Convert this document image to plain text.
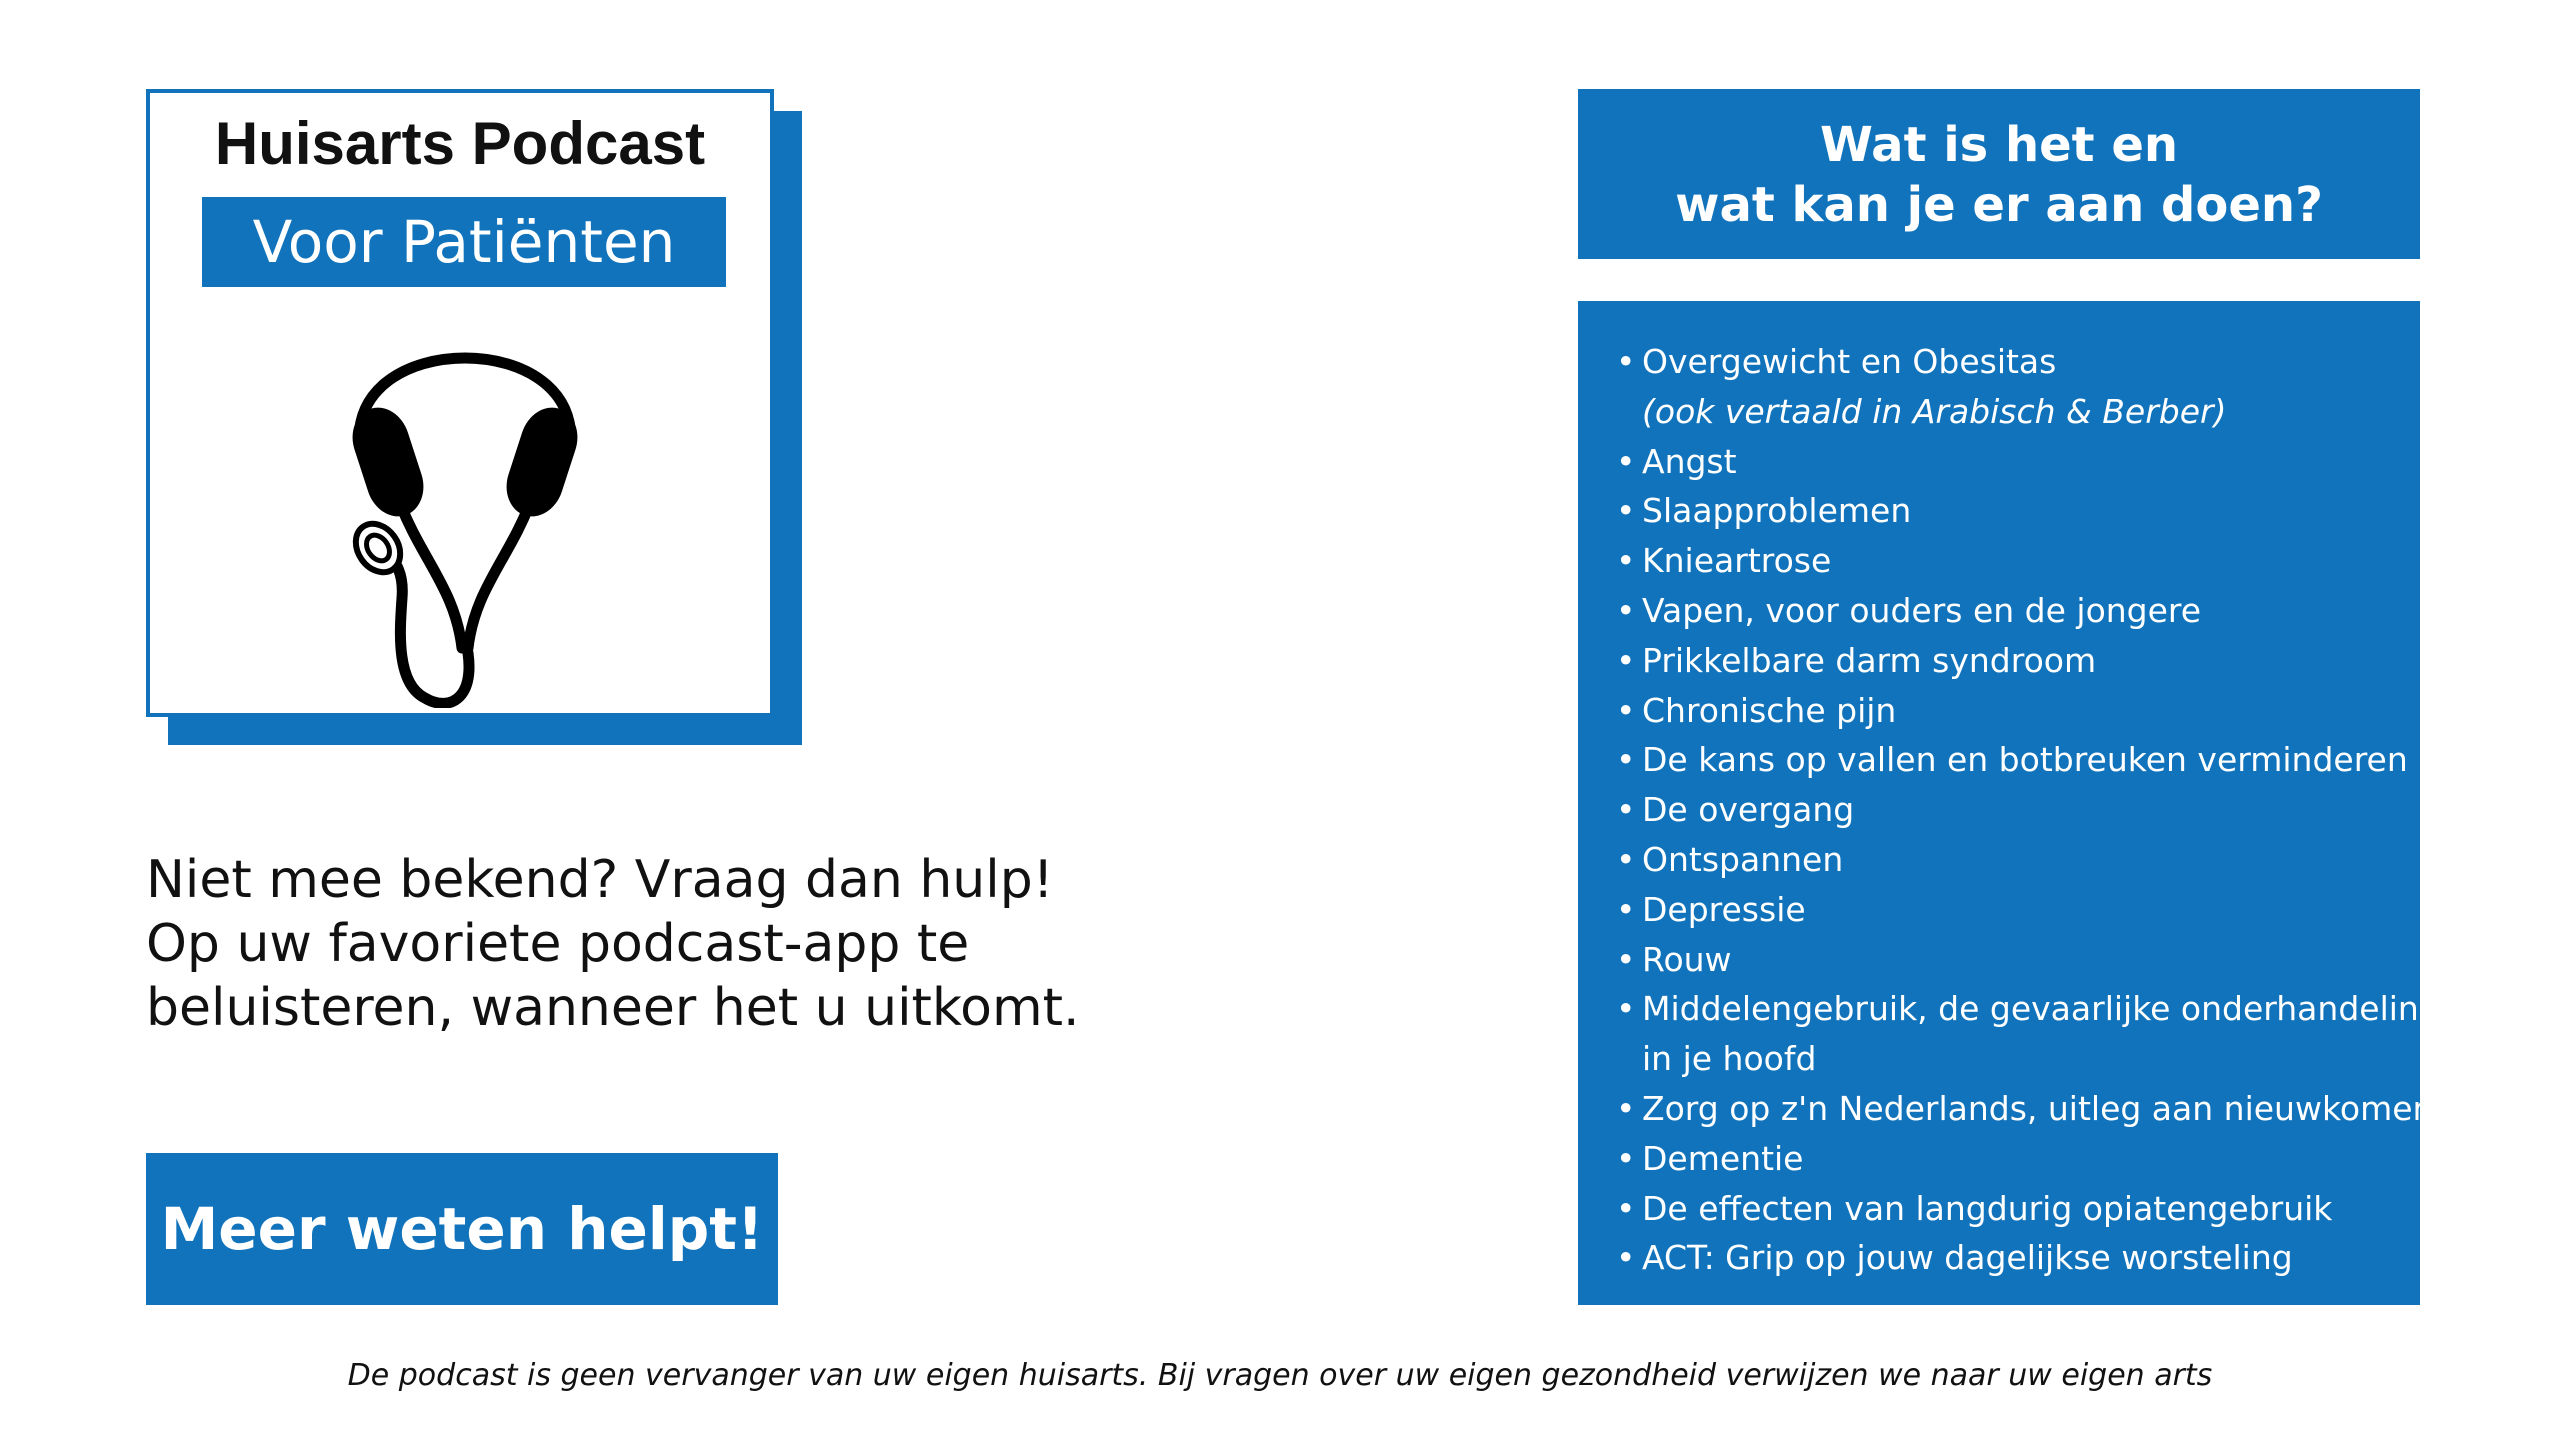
Huisarts Podcast
Voor Patiënten
Niet mee bekend? Vraag dan hulp!
Op uw favoriete podcast-app te
beluisteren, wanneer het u uitkomt.
Meer weten helpt!
Wat is het en
wat kan je er aan doen?
• Overgewicht en Obesitas
(ook vertaald in Arabisch & Berber)
• Angst
• Slaapproblemen
• Knieartrose
• Vapen, voor ouders en de jongere
• Prikkelbare darm syndroom
• Chronische pijn
• De kans op vallen en botbreuken verminderen
• De overgang
• Ontspannen
• Depressie
• Rouw
• Middelengebruik, de gevaarlijke onderhandeling
in je hoofd
• Zorg op z'n Nederlands, uitleg aan nieuwkomers
• Dementie
• De effecten van langdurig opiatengebruik
• ACT: Grip op jouw dagelijkse worsteling
De podcast is geen vervanger van uw eigen huisarts. Bij vragen over uw eigen gezondheid verwijzen we naar uw eigen arts
